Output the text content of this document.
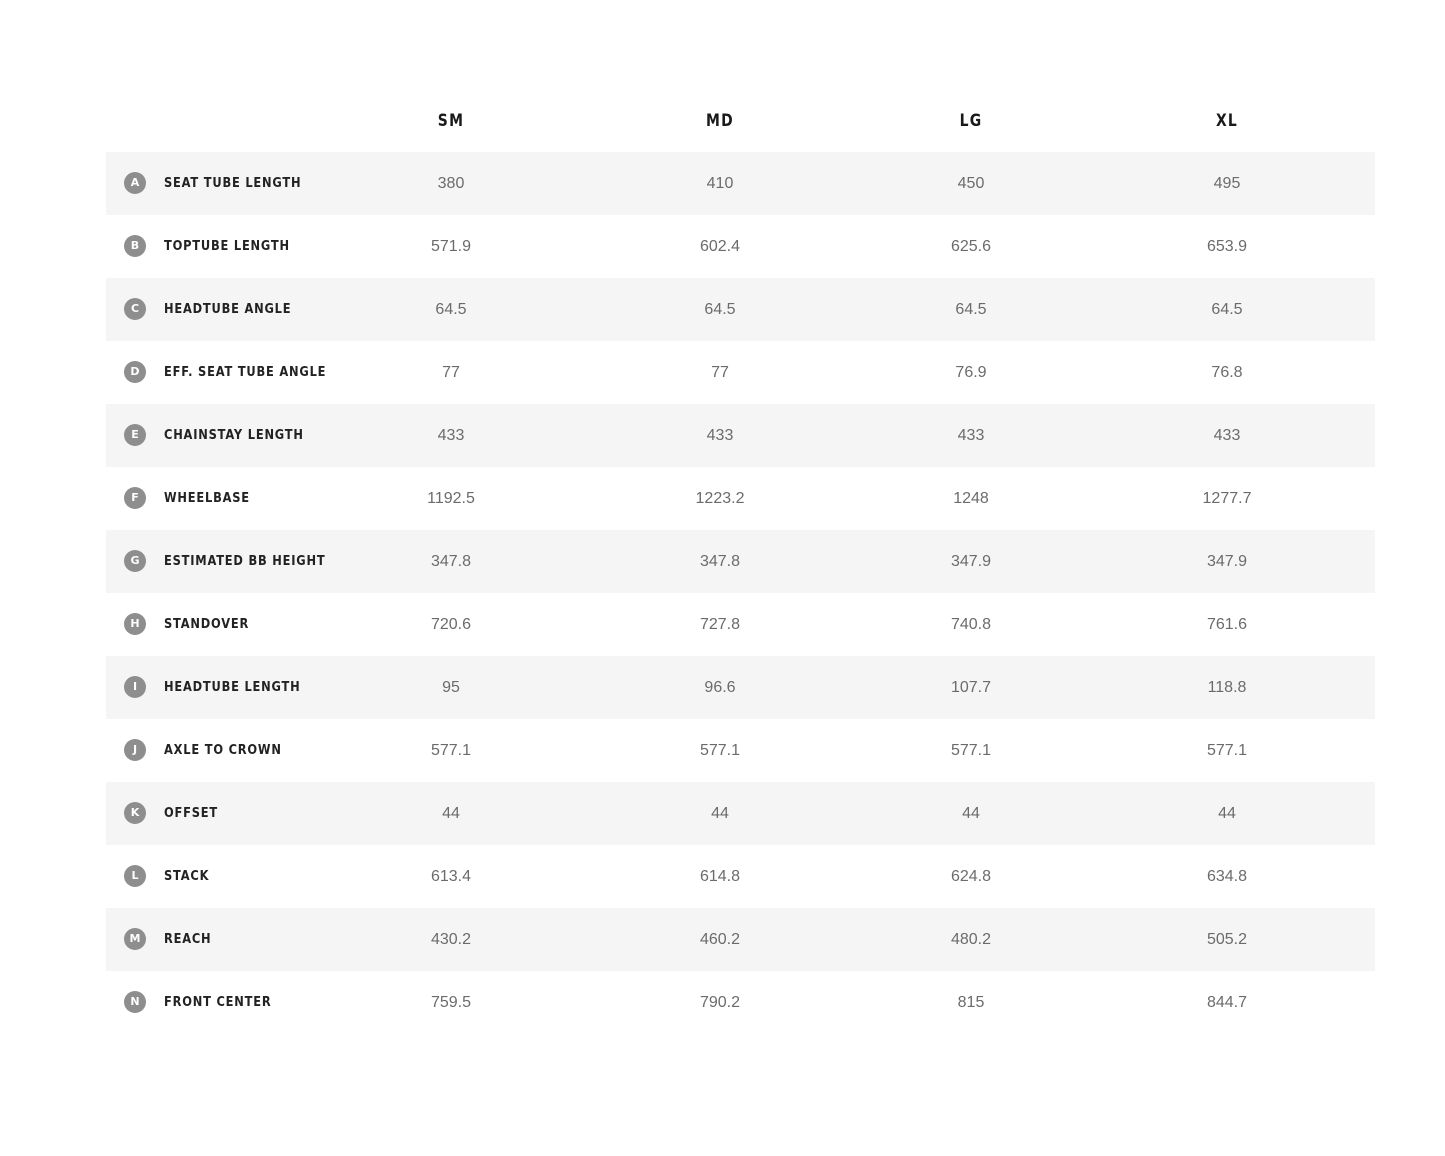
SM	MD	LG	XL
A	SEAT TUBE LENGTH	380	410	450	495
B	TOPTUBE LENGTH	571.9	602.4	625.6	653.9
C	HEADTUBE ANGLE	64.5	64.5	64.5	64.5
D	EFF. SEAT TUBE ANGLE	77	77	76.9	76.8
E	CHAINSTAY LENGTH	433	433	433	433
F	WHEELBASE	1192.5	1223.2	1248	1277.7
G	ESTIMATED BB HEIGHT	347.8	347.8	347.9	347.9
H	STANDOVER	720.6	727.8	740.8	761.6
I	HEADTUBE LENGTH	95	96.6	107.7	118.8
J	AXLE TO CROWN	577.1	577.1	577.1	577.1
K	OFFSET	44	44	44	44
L	STACK	613.4	614.8	624.8	634.8
M	REACH	430.2	460.2	480.2	505.2
N	FRONT CENTER	759.5	790.2	815	844.7
